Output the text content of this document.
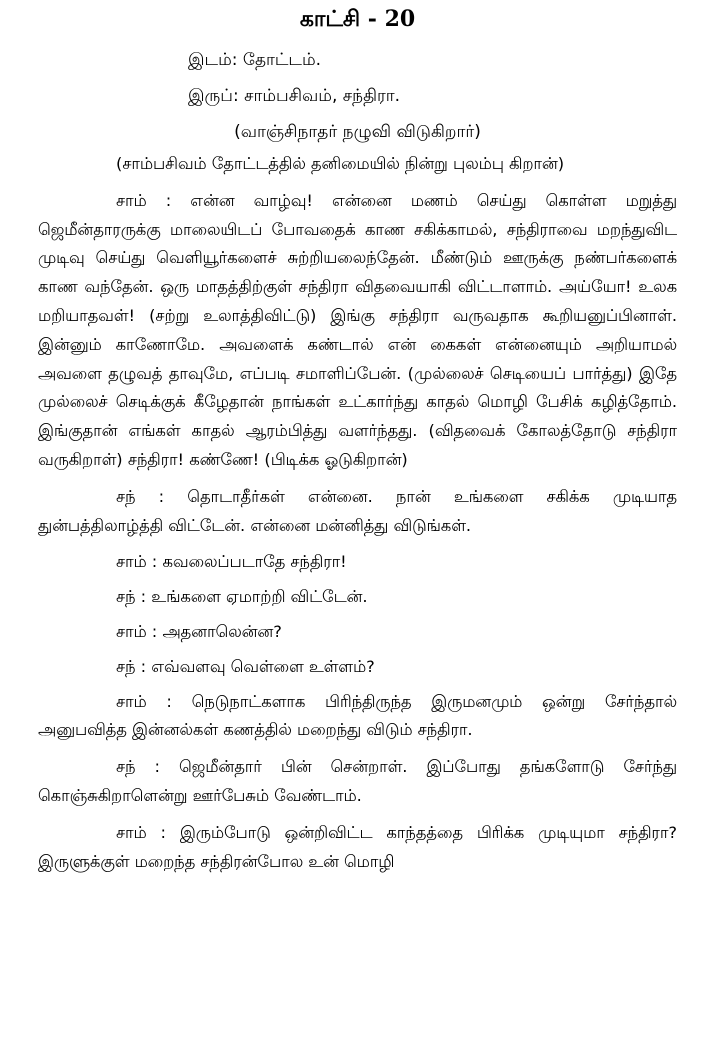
காட்சி - 20
இடம்: தோட்டம்.
இருப்: சாம்பசிவம், சந்திரா.
(வாஞ்சிநாதர் நழுவி விடுகிறார்)

(சாம்பசிவம் தோட்டத்தில் தனிமையில் நின்று புலம்பு கிறான்)

சாம் : என்ன வாழ்வு! என்னை மணம் செய்து கொள்ள மறுத்து ஜெமீன்தாரருக்கு மாலையிடப் போவதைக் காண சகிக்காமல், சந்திராவை மறந்துவிட முடிவு செய்து வெளியூர்களைச் சுற்றியலைந்தேன். மீண்டும் ஊருக்கு நண்பர்களைக் காண வந்தேன். ஒரு மாதத்திற்குள் சந்திரா விதவையாகி விட்டாளாம். அய்யோ! உலக மறியாதவள்! (சற்று உலாத்திவிட்டு) இங்கு சந்திரா வருவதாக கூறியனுப்பினாள். இன்னும் காணோமே. அவளைக் கண்டால் என் கைகள் என்னையும் அறியாமல் அவளை தழுவத் தாவுமே, எப்படி சமாளிப்பேன். (முல்லைச் செடியைப் பார்த்து) இதே முல்லைச் செடிக்குக் கீழேதான் நாங்கள் உட்கார்ந்து காதல் மொழி பேசிக் கழித்தோம். இங்குதான் எங்கள் காதல் ஆரம்பித்து வளர்ந்தது. (விதவைக் கோலத்தோடு சந்திரா வருகிறாள்) சந்திரா! கண்ணே! (பிடிக்க ஓடுகிறான்)

சந் : தொடாதீர்கள் என்னை. நான் உங்களை சகிக்க முடியாத துன்பத்திலாழ்த்தி விட்டேன். என்னை மன்னித்து விடுங்கள்.

சாம் : கவலைப்படாதே சந்திரா!

சந் : உங்களை ஏமாற்றி விட்டேன்.

சாம் : அதனாலென்ன?

சந் : எவ்வளவு வெள்ளை உள்ளம்?

சாம் : நெடுநாட்களாக பிரிந்திருந்த இருமனமும் ஒன்று சேர்ந்தால் அனுபவித்த இன்னல்கள் கணத்தில் மறைந்து விடும் சந்திரா.

சந் : ஜெமீன்தார் பின் சென்றாள். இப்போது தங்களோடு சேர்ந்து கொஞ்சுகிறாளென்று ஊர்பேசும் வேண்டாம்.

சாம் : இரும்போடு ஒன்றிவிட்ட காந்தத்தை பிரிக்க முடியுமா சந்திரா? இருளுக்குள் மறைந்த சந்திரன்போல உன் மொழி
